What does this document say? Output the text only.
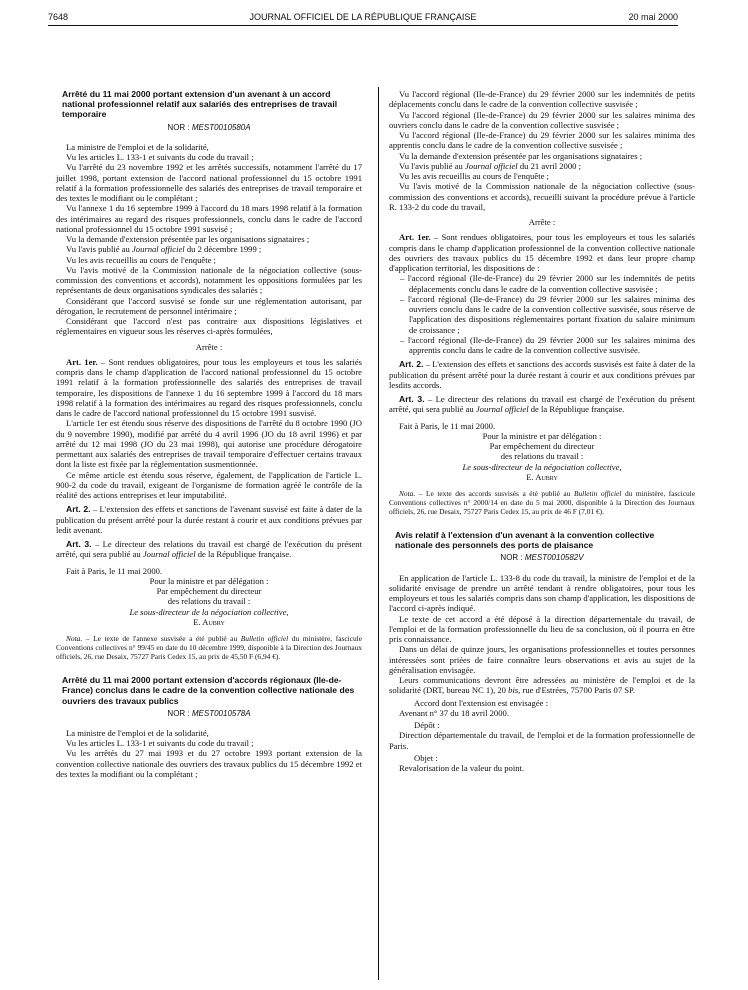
7648	JOURNAL OFFICIEL DE LA RÉPUBLIQUE FRANÇAISE	20 mai 2000

Arrêté du 11 mai 2000 portant extension d'un avenant à un accord national professionnel relatif aux salariés des entreprises de travail temporaire

NOR : MEST0010580A

La ministre de l'emploi et de la solidarité,

Vu les articles L. 133-1 et suivants du code du travail ;

Vu l'arrêté du 23 novembre 1992 et les arrêtés successifs, notamment l'arrêté du 17 juillet 1998, portant extension de l'accord national professionnel du 15 octobre 1991 relatif à la formation professionnelle des salariés des entreprises de travail temporaire et des textes le modifiant ou le complétant ;

Vu l'annexe 1 du 16 septembre 1999 à l'accord du 18 mars 1998 relatif à la formation des intérimaires au regard des risques professionnels, conclu dans le cadre de l'accord national professionnel du 15 octobre 1991 susvisé ;

Vu la demande d'extension présentée par les organisations signataires ;

Vu l'avis publié au Journal officiel du 2 décembre 1999 ;

Vu les avis recueillis au cours de l'enquête ;

Vu l'avis motivé de la Commission nationale de la négociation collective (sous-commission des conventions et accords), notamment les oppositions formulées par les représentants de deux organisations syndicales des salariés ;

Considérant que l'accord susvisé se fonde sur une réglementation autorisant, par dérogation, le recrutement de personnel intérimaire ;

Considérant que l'accord n'est pas contraire aux dispositions législatives et réglementaires en vigueur sous les réserves ci-après formulées,

Arrête :

Art. 1er. – Sont rendues obligatoires, pour tous les employeurs et tous les salariés compris dans le champ d'application de l'accord national professionnel du 15 octobre 1991 relatif à la formation professionnelle des salariés des entreprises de travail temporaire, les dispositions de l'annexe 1 du 16 septembre 1999 à l'accord du 18 mars 1998 relatif à la formation des intérimaires au regard des risques professionnels, conclu dans le cadre de l'accord national professionnel du 15 octobre 1991 susvisé.

L'article 1er est étendu sous réserve des dispositions de l'arrêté du 8 octobre 1990 (JO du 9 novembre 1990), modifié par arrêté du 4 avril 1996 (JO du 18 avril 1996) et par arrêté du 12 mai 1998 (JO du 23 mai 1998), qui autorise une procédure dérogatoire permettant aux salariés des entreprises de travail temporaire d'effectuer certains travaux dont la liste est fixée par la réglementation susmentionnée.

Ce même article est étendu sous réserve, également, de l'application de l'article L. 900-2 du code du travail, exigeant de l'organisme de formation agréé le contrôle de la réalité des actions entreprises et leur imputabilité.

Art. 2. – L'extension des effets et sanctions de l'avenant susvisé est faite à dater de la publication du présent arrêté pour la durée restant à courir et aux conditions prévues par ledit avenant.

Art. 3. – Le directeur des relations du travail est chargé de l'exécution du présent arrêté, qui sera publié au Journal officiel de la République française.

Fait à Paris, le 11 mai 2000.

Pour la ministre et par délégation :

Par empêchement du directeur

des relations du travail :

Le sous-directeur de la négociation collective,

E. Aubry

Nota. – Le texte de l'annexe susvisée a été publié au Bulletin officiel du ministère, fascicule Conventions collectives n° 99/45 en date du 10 décembre 1999, disponible à la Direction des Journaux officiels, 26, rue Desaix, 75727 Paris Cedex 15, au prix de 45,50 F (6,94 €).

Arrêté du 11 mai 2000 portant extension d'accords régionaux (Ile-de-France) conclus dans le cadre de la convention collective nationale des ouvriers des travaux publics

NOR : MEST0010578A

La ministre de l'emploi et de la solidarité,

Vu les articles L. 133-1 et suivants du code du travail ;

Vu les arrêtés du 27 mai 1993 et du 27 octobre 1993 portant extension de la convention collective nationale des ouvriers des travaux publics du 15 décembre 1992 et des textes la modifiant ou la complétant ;

Vu l'accord régional (Ile-de-France) du 29 février 2000 sur les indemnités de petits déplacements conclu dans le cadre de la convention collective susvisée ;

Vu l'accord régional (Ile-de-France) du 29 février 2000 sur les salaires minima des ouvriers conclu dans le cadre de la convention collective susvisée ;

Vu l'accord régional (Ile-de-France) du 29 février 2000 sur les salaires minima des apprentis conclu dans le cadre de la convention collective susvisée ;

Vu la demande d'extension présentée par les organisations signataires ;

Vu l'avis publié au Journal officiel du 21 avril 2000 ;

Vu les avis recueillis au cours de l'enquête ;

Vu l'avis motivé de la Commission nationale de la négociation collective (sous-commission des conventions et accords), recueilli suivant la procédure prévue à l'article R. 133-2 du code du travail,

Arrête :

Art. 1er. – Sont rendues obligatoires, pour tous les employeurs et tous les salariés compris dans le champ d'application professionnel de la convention collective nationale des ouvriers des travaux publics du 15 décembre 1992 et dans leur propre champ d'application territorial, les dispositions de :

– l'accord régional (Ile-de-France) du 29 février 2000 sur les indemnités de petits déplacements conclu dans le cadre de la convention collective susvisée ;

– l'accord régional (Ile-de-France) du 29 février 2000 sur les salaires minima des ouvriers conclu dans le cadre de la convention collective susvisée, sous réserve de l'application des dispositions réglementaires portant fixation du salaire minimum de croissance ;

– l'accord régional (Ile-de-France) du 29 février 2000 sur les salaires minima des apprentis conclu dans le cadre de la convention collective susvisée.

Art. 2. – L'extension des effets et sanctions des accords susvisés est faite à dater de la publication du présent arrêté pour la durée restant à courir et aux conditions prévues par lesdits accords.

Art. 3. – Le directeur des relations du travail est chargé de l'exécution du présent arrêté, qui sera publié au Journal officiel de la République française.

Fait à Paris, le 11 mai 2000.

Pour la ministre et par délégation :

Par empêchement du directeur

des relations du travail :

Le sous-directeur de la négociation collective,

E. Aubry

Nota. – Le texte des accords susvisés a été publié au Bulletin officiel du ministère, fascicule Conventions collectives n° 2000/14 en date du 5 mai 2000, disponible à la Direction des Journaux officiels, 26, rue Desaix, 75727 Paris Cedex 15, au prix de 46 F (7,01 €).

Avis relatif à l'extension d'un avenant à la convention collective nationale des personnels des ports de plaisance

NOR : MEST0010582V

En application de l'article L. 133-8 du code du travail, la ministre de l'emploi et de la solidarité envisage de prendre un arrêté tendant à rendre obligatoires, pour tous les employeurs et tous les salariés compris dans son champ d'application, les dispositions de l'accord ci-après indiqué.

Le texte de cet accord a été déposé à la direction départementale du travail, de l'emploi et de la formation professionnelle du lieu de sa conclusion, où il pourra en être pris connaissance.

Dans un délai de quinze jours, les organisations professionnelles et toutes personnes intéressées sont priées de faire connaître leurs observations et avis au sujet de la généralisation envisagée.

Leurs communications devront être adressées au ministère de l'emploi et de la solidarité (DRT, bureau NC 1), 20 bis, rue d'Estrées, 75700 Paris 07 SP.

Accord dont l'extension est envisagée :

Avenant n° 37 du 18 avril 2000.

Dépôt :

Direction départementale du travail, de l'emploi et de la formation professionnelle de Paris.

Objet :

Revalorisation de la valeur du point.
